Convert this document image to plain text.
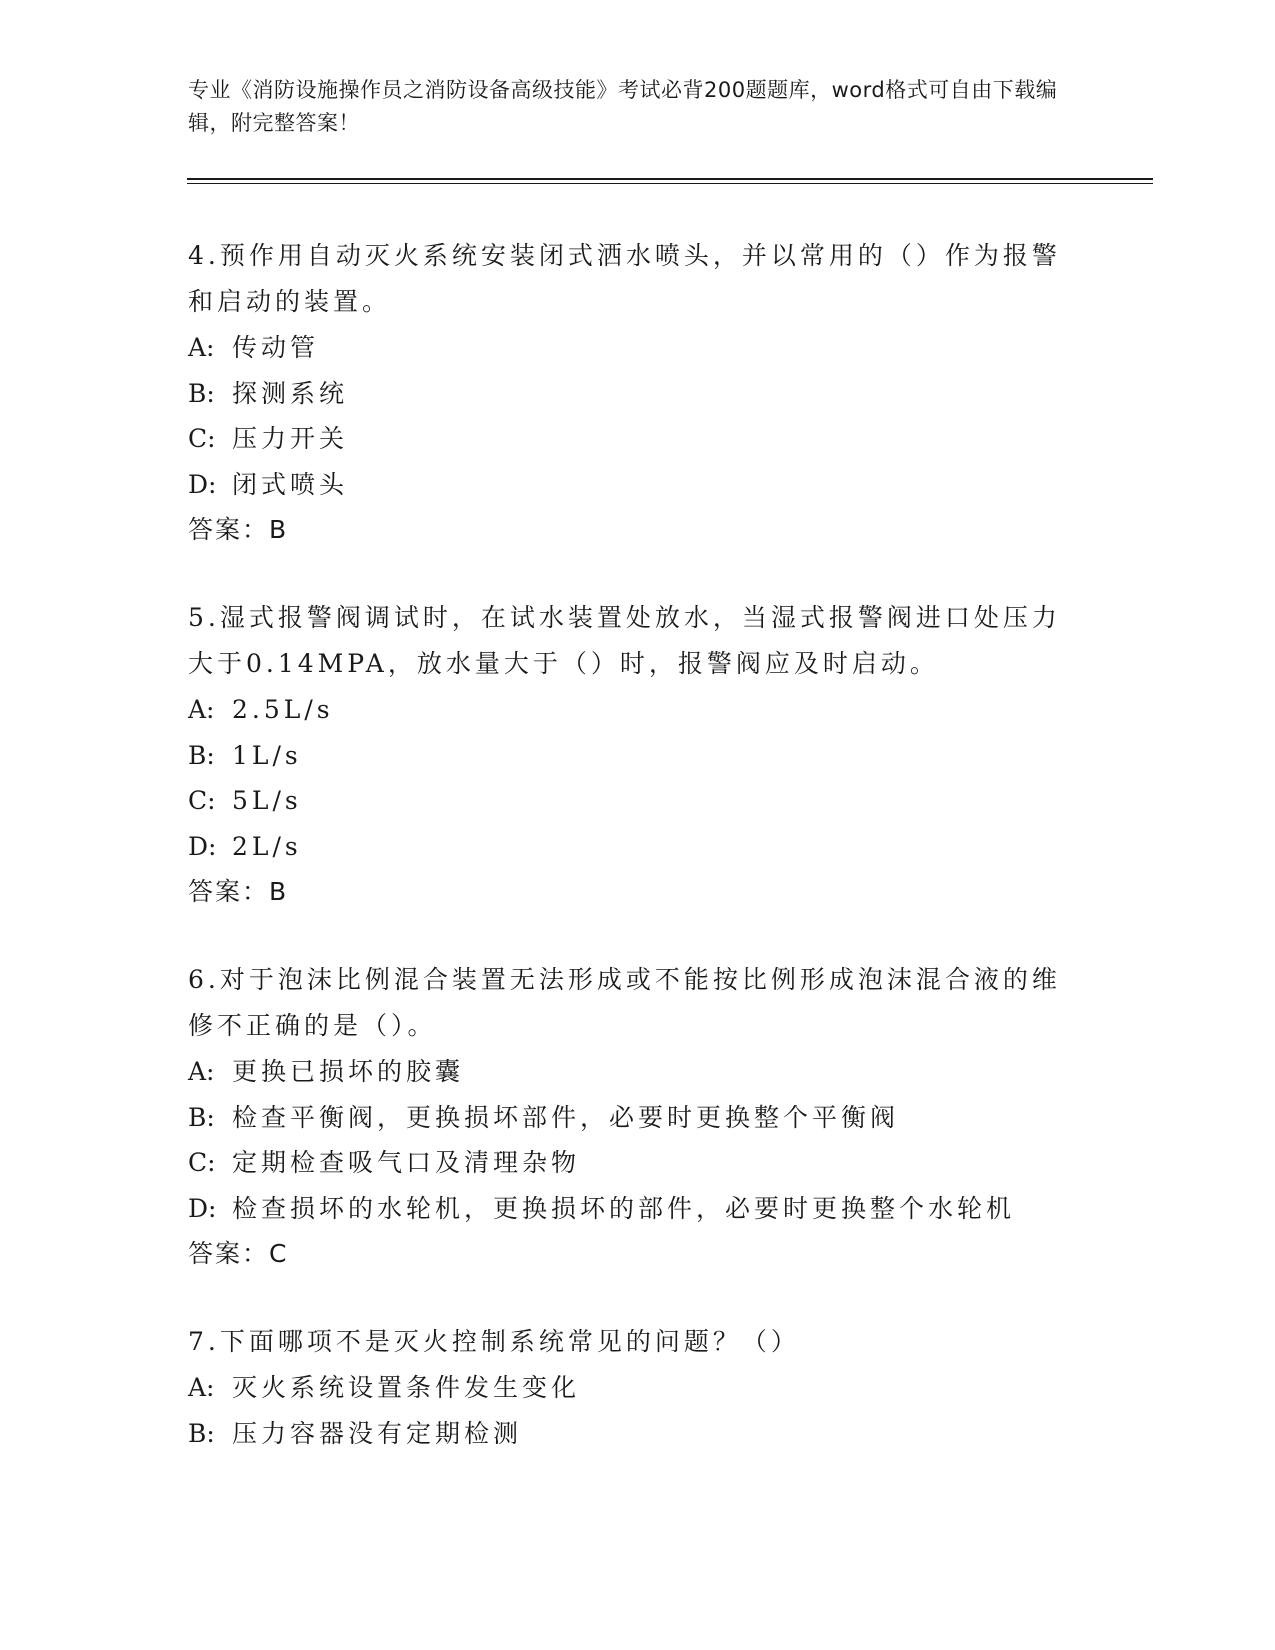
专业《消防设施操作员之消防设备高级技能》考试必背200题题库，word格式可自由下载编辑，附完整答案！
4.预作用自动灭火系统安装闭式洒水喷头，并以常用的（）作为报警和启动的装置。
A: 传动管
B: 探测系统
C: 压力开关
D: 闭式喷头
答案：B
5.湿式报警阀调试时，在试水装置处放水，当湿式报警阀进口处压力大于0.14MPA，放水量大于（）时，报警阀应及时启动。
A: 2.5L/s
B: 1L/s
C: 5L/s
D: 2L/s
答案：B
6.对于泡沫比例混合装置无法形成或不能按比例形成泡沫混合液的维修不正确的是（）。
A: 更换已损坏的胶囊
B: 检查平衡阀，更换损坏部件，必要时更换整个平衡阀
C: 定期检查吸气口及清理杂物
D: 检查损坏的水轮机，更换损坏的部件，必要时更换整个水轮机
答案：C
7.下面哪项不是灭火控制系统常见的问题？（）
A: 灭火系统设置条件发生变化
B: 压力容器没有定期检测
